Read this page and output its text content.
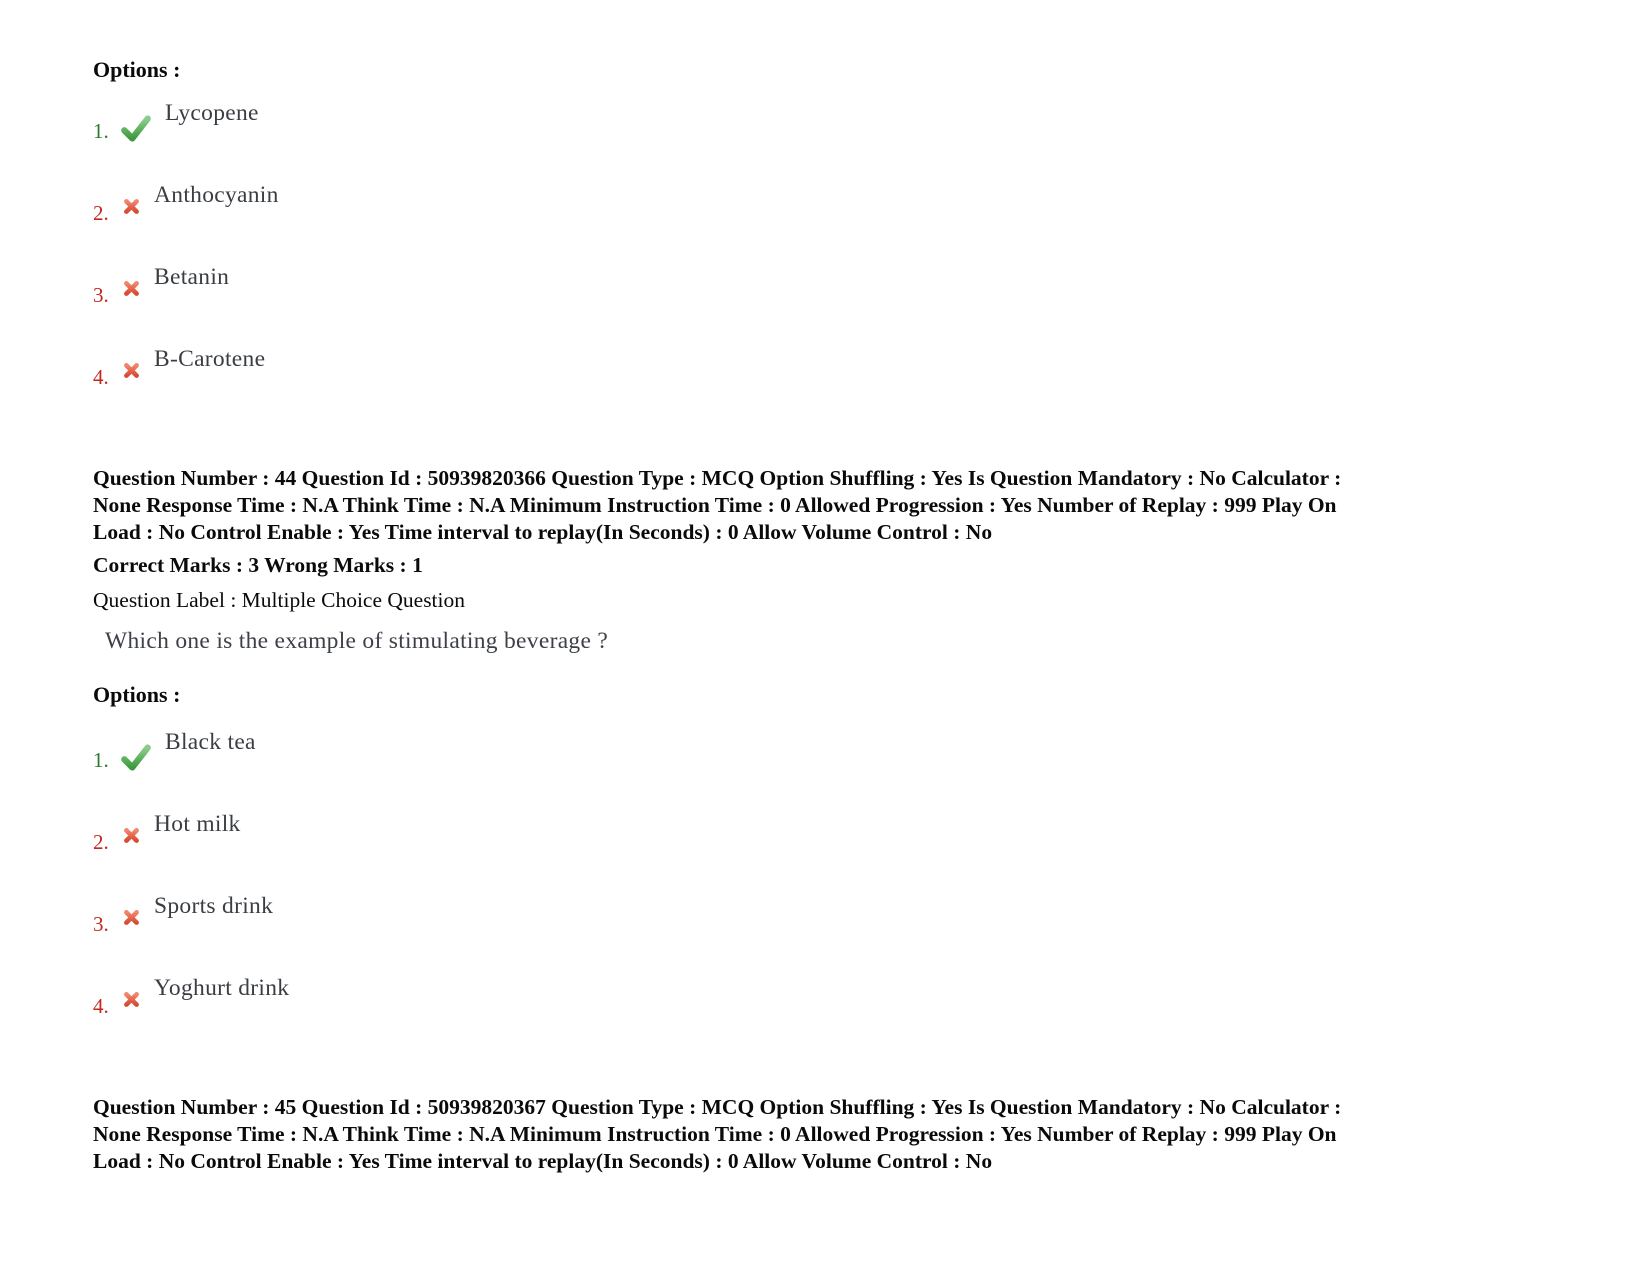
Options :
1.
Lycopene
2.
Anthocyanin
3.
Betanin
4.
B-Carotene
Question Number : 44 Question Id : 50939820366 Question Type : MCQ Option Shuffling : Yes Is Question Mandatory : No Calculator :
None Response Time : N.A Think Time : N.A Minimum Instruction Time : 0 Allowed Progression : Yes Number of Replay : 999 Play On
Load : No Control Enable : Yes Time interval to replay(In Seconds) : 0 Allow Volume Control : No
Correct Marks : 3 Wrong Marks : 1
Question Label : Multiple Choice Question
Which one is the example of stimulating beverage ?
Options :
1.
Black tea
2.
Hot milk
3.
Sports drink
4.
Yoghurt drink
Question Number : 45 Question Id : 50939820367 Question Type : MCQ Option Shuffling : Yes Is Question Mandatory : No Calculator :
None Response Time : N.A Think Time : N.A Minimum Instruction Time : 0 Allowed Progression : Yes Number of Replay : 999 Play On
Load : No Control Enable : Yes Time interval to replay(In Seconds) : 0 Allow Volume Control : No
